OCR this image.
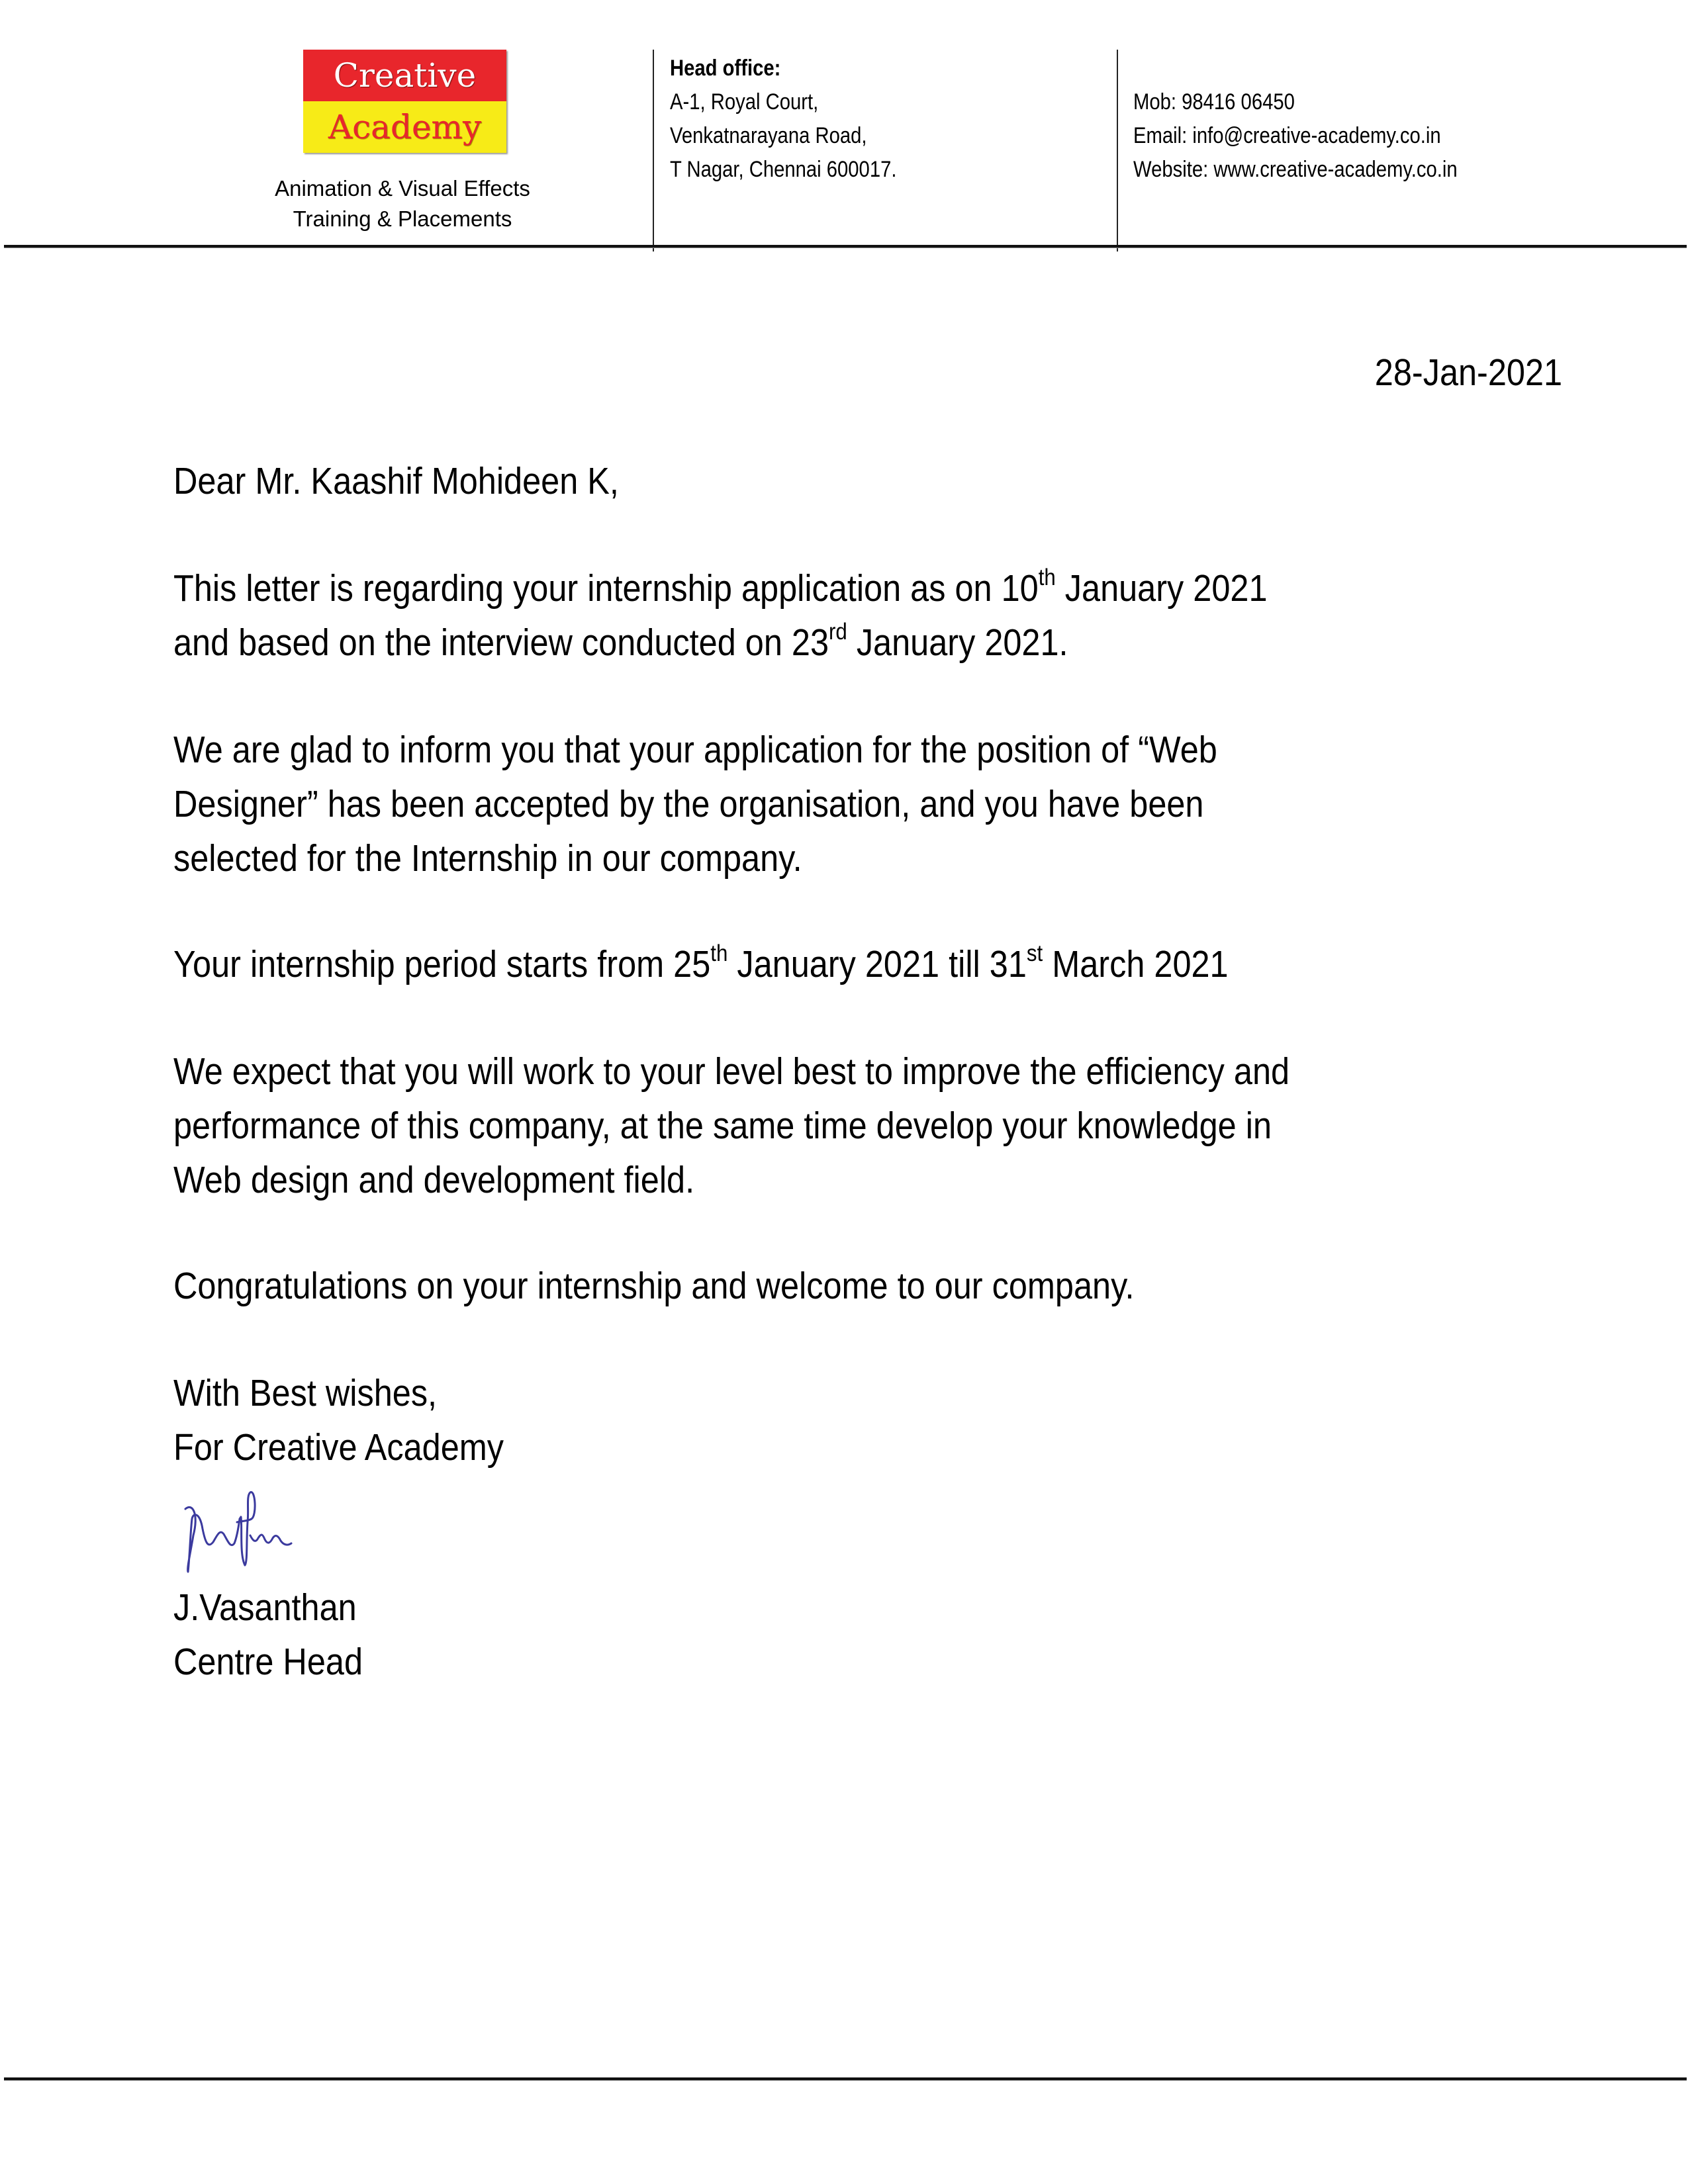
Creative
Academy
Animation & Visual Effects
Training & Placements
Head office:
A-1, Royal Court,
Venkatnarayana Road,
T Nagar, Chennai 600017.
Mob: 98416 06450
Email: info@creative-academy.co.in
Website: www.creative-academy.co.in
28-Jan-2021
Dear Mr. Kaashif Mohideen K,
This letter is regarding your internship application as on 10th January 2021
and based on the interview conducted on 23rd January 2021.
We are glad to inform you that your application for the position of “Web
Designer” has been accepted by the organisation, and you have been
selected for the Internship in our company.
Your internship period starts from 25th January 2021 till 31st March 2021
We expect that you will work to your level best to improve the efficiency and
performance of this company, at the same time develop your knowledge in
Web design and development field.
Congratulations on your internship and welcome to our company.
With Best wishes,
For Creative Academy
J.Vasanthan
Centre Head
